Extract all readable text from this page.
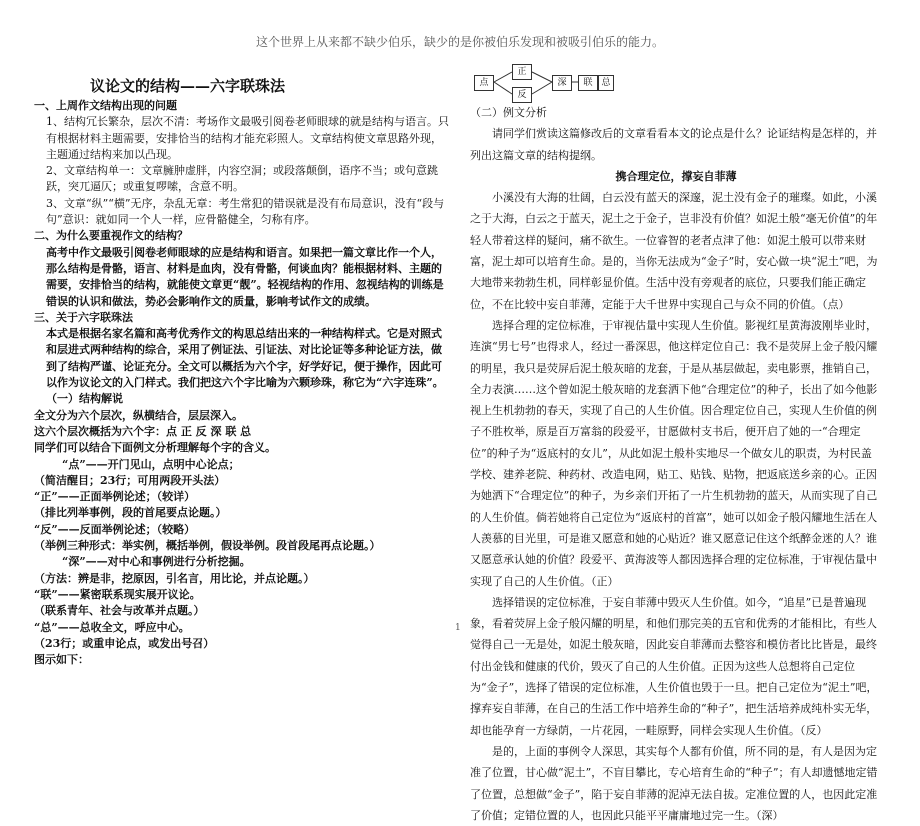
这个世界上从来都不缺少伯乐，缺少的是你被伯乐发现和被吸引伯乐的能力。
议论文的结构——六字联珠法

一、上周作文结构出现的问题

1、结构冗长繁杂，层次不清：考场作文最吸引阅卷老师眼球的就是结构与语言。只有根据材料主题需要，安排恰当的结构才能充彩照人。文章结构使文章思路外现，主题通过结构来加以凸现。

2、文章结构单一：文章臃肿虚胖，内容空洞；或段落颠倒，语序不当；或句意跳跃，突兀逼仄；或重复啰嗦，含意不明。

3、文章“纵”“横”无序，杂乱无章：考生常犯的错误就是没有布局意识，没有“段与句”意识：就如同一个人一样，应骨骼健全，匀称有序。

二、为什么要重视作文的结构？

高考中作文最吸引阅卷老师眼球的应是结构和语言。如果把一篇文章比作一个人，那么结构是骨骼，语言、材料是血肉，没有骨骼，何谈血肉？能根据材料、主题的需要，安排恰当的结构，就能使文章更“靓”。轻视结构的作用、忽视结构的训练是错误的认识和做法，势必会影响作文的质量，影响考试作文的成绩。

三、关于六字联珠法

本式是根据名家名篇和高考优秀作文的构思总结出来的一种结构样式。它是对照式和层进式两种结构的综合，采用了例证法、引证法、对比论证等多种论证方法，做到了结构严谨、论证充分。全文可以概括为六个字，好学好记，便于操作，因此可以作为议论文的入门样式。我们把这六个字比喻为六颗珍珠，称它为“六字连珠”。

（一）结构解说

全文分为六个层次，纵横结合，层层深入。

这六个层次概括为六个字：点 正 反 深 联 总

同学们可以结合下面例文分析理解每个字的含义。

“点”——开门见山，点明中心论点；

（简洁醒目；23行；可用两段开头法）

“正”——正面举例论述；（较详）

（排比列举事例，段的首尾要点论题。）

“反”——反面举例论述；（较略）

（举例三种形式：举实例，概括举例，假设举例。段首段尾再点论题。）

“深”——对中心和事例进行分析挖掘。

（方法：辨是非，挖原因，引名言，用比论，并点论题。）

“联”——紧密联系现实展开议论。

（联系青年、社会与改革并点题。）

“总”——总收全文，呼应中心。

（23行；或重申论点，或发出号召）

图示如下：

点
正
反
深	联 总

（二）例文分析

请同学们赏读这篇修改后的文章看看本文的论点是什么？论证结构是怎样的，并列出这篇文章的结构提纲。

携合理定位，撑妄自菲薄

小溪没有大海的壮阔，白云没有蓝天的深邃，泥土没有金子的璀璨。如此，小溪之于大海，白云之于蓝天，泥土之于金子，岂非没有价值？如泥土般“毫无价值”的年轻人带着这样的疑问，痛不欲生。一位睿智的老者点津了他：如泥土般可以带来财富，泥土却可以培育生命。是的，当你无法成为“金子”时，安心做一块“泥土”吧，为大地带来勃勃生机，同样彰显价值。生活中没有旁观者的底位，只要我们能正确定位，不在比较中妄自菲薄，定能于大千世界中实现自己与众不同的价值。（点）

选择合理的定位标准，于审视估量中实现人生价值。影视红星黄海波刚毕业时，连演“男七号”也得求人，经过一番深思，他这样定位自己：我不是荧屏上金子般闪耀的明星，我只是荧屏后泥土般灰暗的龙套，于是从基层做起，卖电影票，推销自己，全力表演……这个曾如泥土般灰暗的龙套洒下他“合理定位”的种子，长出了如今他影视上生机勃勃的春天，实现了自己的人生价值。因合理定位自己，实现人生价值的例子不胜枚举，原是百万富翁的段爱平，甘愿做村支书后，便开启了她的一“合理定位”的种子为“返底村的女儿”，从此如泥土般朴实地尽一个做女儿的职责，为村民盖学校、建养老院、种药材、改造电网，贴工、贴钱、贴物，把返底送乡亲的心。正因为她洒下“合理定位”的种子，为乡亲们开拓了一片生机勃勃的蓝天，从而实现了自己的人生价值。倘若她将自己定位为“返底村的首富”，她可以如金子般闪耀地生活在人人羡慕的目光里，可是谁又愿意和她的心贴近？谁又愿意记住这个纸醉金迷的人？谁又愿意承认她的价值？段爱平、黄海波等人都因选择合理的定位标准，于审视估量中实现了自己的人生价值。（正）

选择错误的定位标准，于妄自菲薄中毁灭人生价值。如今，“追星”已是普遍现象，看着荧屏上金子般闪耀的明星，和他们那完美的五官和优秀的才能相比，有些人觉得自己一无是处，如泥土般灰暗，因此妄自菲薄而去整容和模仿者比比皆是，最终付出金钱和健康的代价，毁灭了自己的人生价值。正因为这些人总想将自己定位为“金子”，选择了错误的定位标准，人生价值也毁于一旦。把自己定位为“泥土”吧，撑弃妄自菲薄，在自己的生活工作中培养生命的“种子”，把生活培养成纯朴实无华，却也能孕育一方绿荫，一片花园，一畦原野，同样会实现人生价值。（反）

是的，上面的事例令人深思，其实每个人都有价值，所不同的是，有人是因为定准了位置，甘心做“泥土”，不盲目攀比，专心培育生命的“种子”；有人却遗憾地定错了位置，总想做“金子”，陷于妄自菲薄的泥淖无法自拔。定准位置的人，也因此定准了价值；定错位置的人，也因此只能平平庸庸地过完一生。（深）

1
